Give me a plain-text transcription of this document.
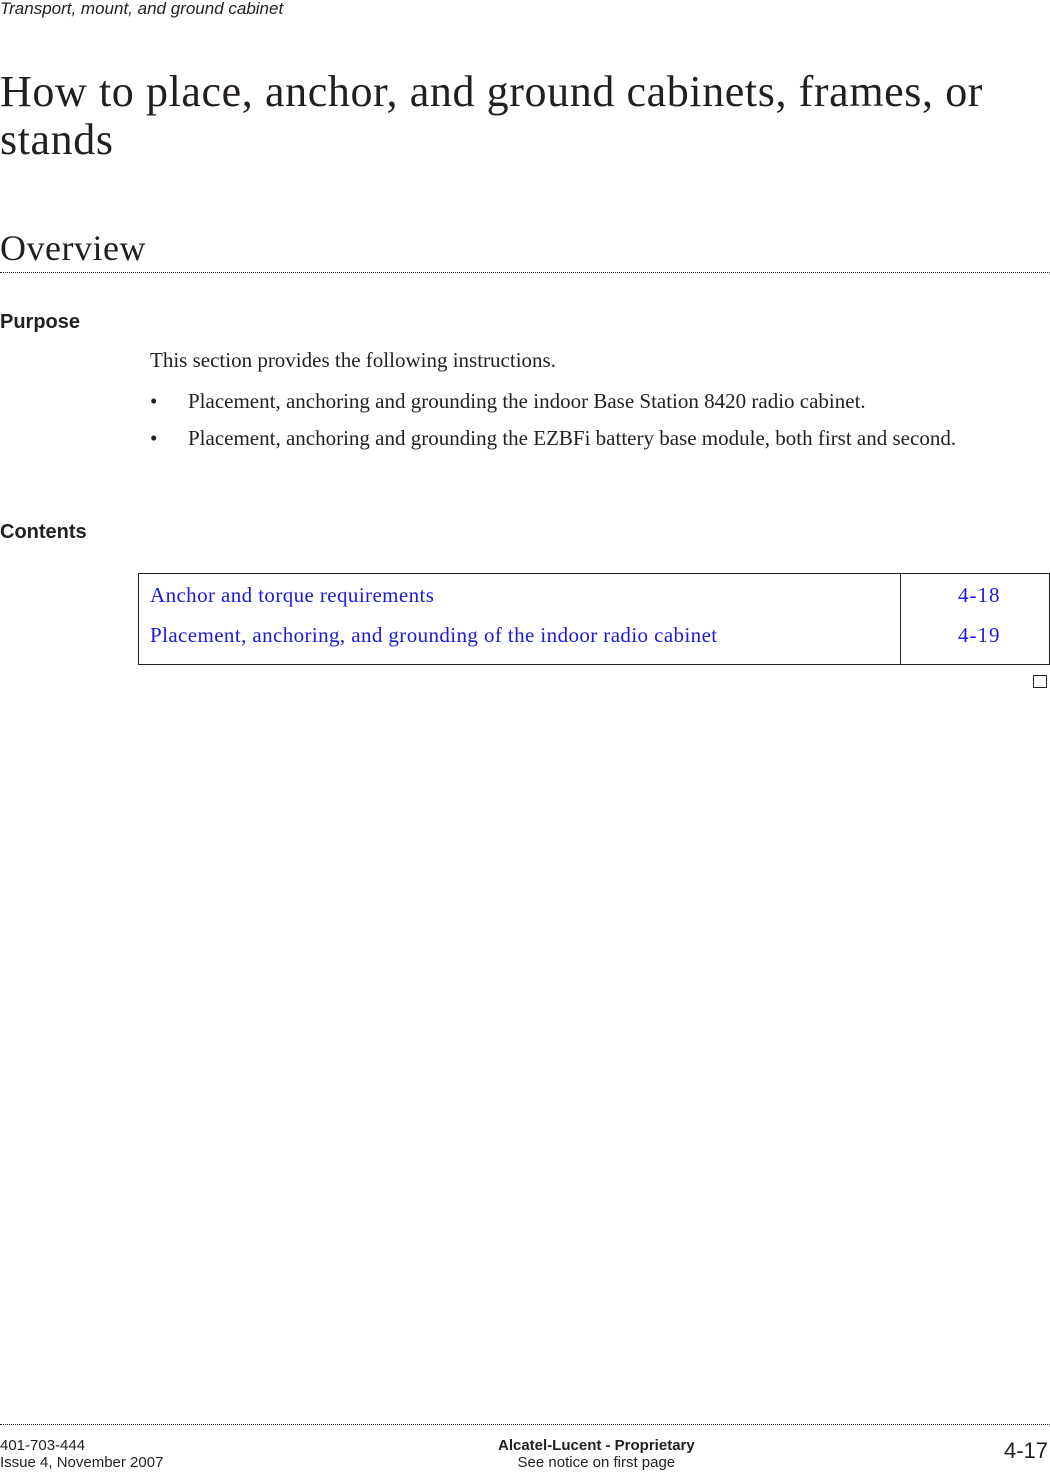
Transport, mount, and ground cabinet
How to place, anchor, and ground cabinets, frames, or stands
Overview
Purpose
This section provides the following instructions.
• Placement, anchoring and grounding the indoor Base Station 8420 radio cabinet.
• Placement, anchoring and grounding the EZBFi battery base module, both first and second.
Contents
Anchor and torque requirements	4-18
Placement, anchoring, and grounding of the indoor radio cabinet	4-19
401-703-444
Issue 4, November 2007
Alcatel-Lucent - Proprietary
See notice on first page	4-17
